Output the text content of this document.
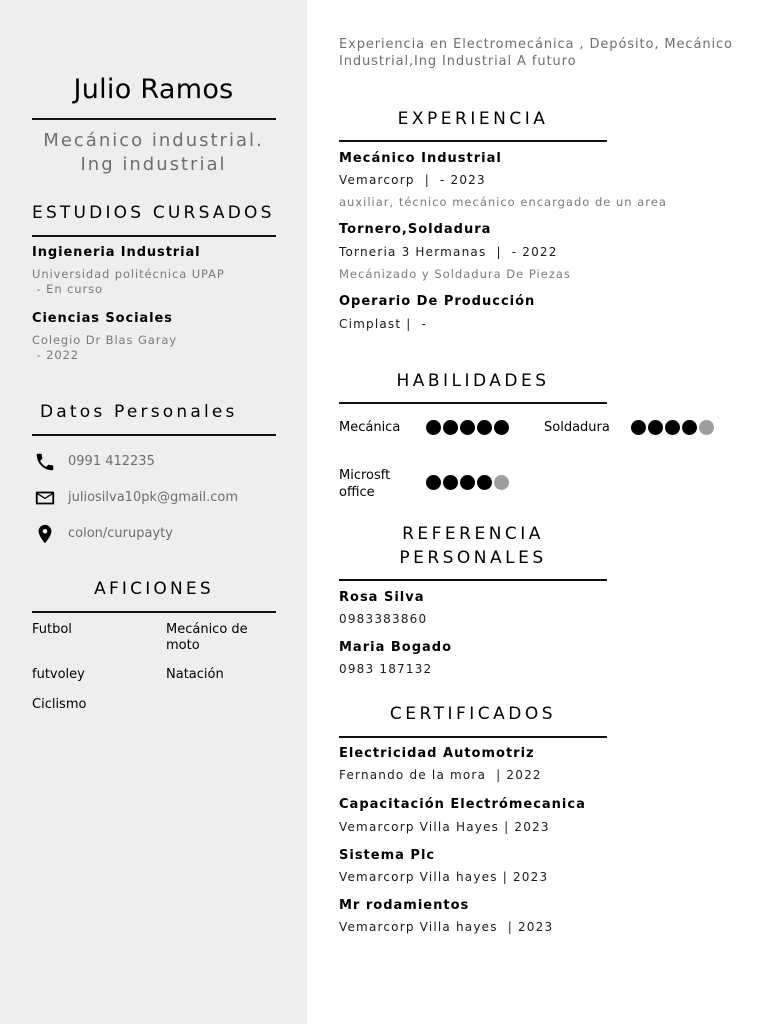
Julio Ramos
Mecánico industrial.
Ing industrial
ESTUDIOS CURSADOS
Ingieneria Industrial
Universidad politécnica UPAP
- En curso
Ciencias Sociales
Colegio Dr Blas Garay
- 2022
Datos Personales
0991 412235
juliosilva10pk@gmail.com
colon/curupayty
AFICIONES
Futbol	Mecánico de moto
futvoley	Natación
Ciclismo
Experiencia en Electromecánica , Depósito, Mecánico Industrial,Ing Industrial A futuro
EXPERIENCIA
Mecánico Industrial
Vemarcorp  |  - 2023
auxiliar, técnico mecánico encargado de un area
Tornero,Soldadura
Torneria 3 Hermanas  |  - 2022
Mecánizado y Soldadura De Piezas
Operario De Producción
Cimplast |  -
HABILIDADES
Mecánica	Soldadura
Microsft office
REFERENCIA
PERSONALES
Rosa Silva
0983383860
Maria Bogado
0983 187132
CERTIFICADOS
Electricidad Automotriz
Fernando de la mora  | 2022
Capacitación Electrómecanica
Vemarcorp Villa Hayes | 2023
Sistema Plc
Vemarcorp Villa hayes | 2023
Mr rodamientos
Vemarcorp Villa hayes  | 2023
